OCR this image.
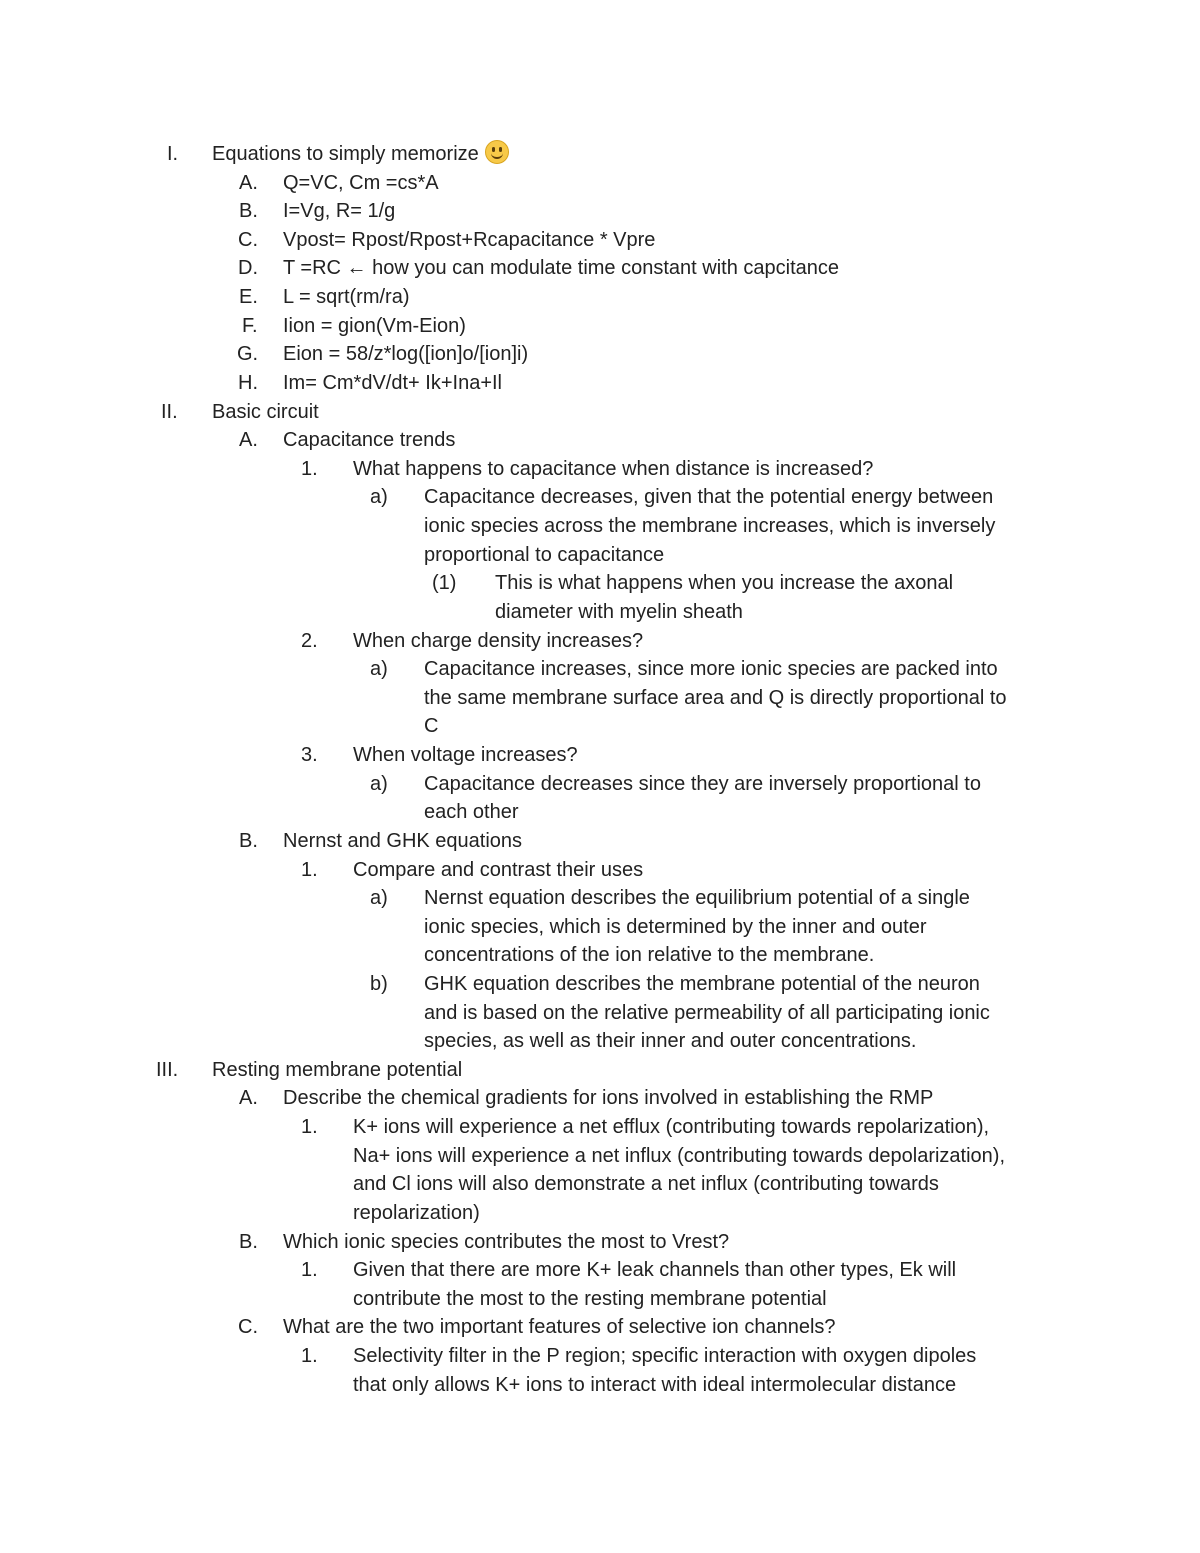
I. Equations to simply memorize
A. Q=VC, Cm =cs*A
B. I=Vg, R= 1/g
C. Vpost= Rpost/Rpost+Rcapacitance * Vpre
D. T =RC ← how you can modulate time constant with capcitance
E. L = sqrt(rm/ra)
F. Iion = gion(Vm-Eion)
G. Eion = 58/z*log([ion]o/[ion]i)
H. Im= Cm*dV/dt+ Ik+Ina+Il
II. Basic circuit
A. Capacitance trends
1. What happens to capacitance when distance is increased?
a) Capacitance decreases, given that the potential energy between
ionic species across the membrane increases, which is inversely
proportional to capacitance
(1) This is what happens when you increase the axonal
diameter with myelin sheath
2. When charge density increases?
a) Capacitance increases, since more ionic species are packed into
the same membrane surface area and Q is directly proportional to
C
3. When voltage increases?
a) Capacitance decreases since they are inversely proportional to
each other
B. Nernst and GHK equations
1. Compare and contrast their uses
a) Nernst equation describes the equilibrium potential of a single
ionic species, which is determined by the inner and outer
concentrations of the ion relative to the membrane.
b) GHK equation describes the membrane potential of the neuron
and is based on the relative permeability of all participating ionic
species, as well as their inner and outer concentrations.
III. Resting membrane potential
A. Describe the chemical gradients for ions involved in establishing the RMP
1. K+ ions will experience a net efflux (contributing towards repolarization),
Na+ ions will experience a net influx (contributing towards depolarization),
and Cl ions will also demonstrate a net influx (contributing towards
repolarization)
B. Which ionic species contributes the most to Vrest?
1. Given that there are more K+ leak channels than other types, Ek will
contribute the most to the resting membrane potential
C. What are the two important features of selective ion channels?
1. Selectivity filter in the P region; specific interaction with oxygen dipoles
that only allows K+ ions to interact with ideal intermolecular distance
